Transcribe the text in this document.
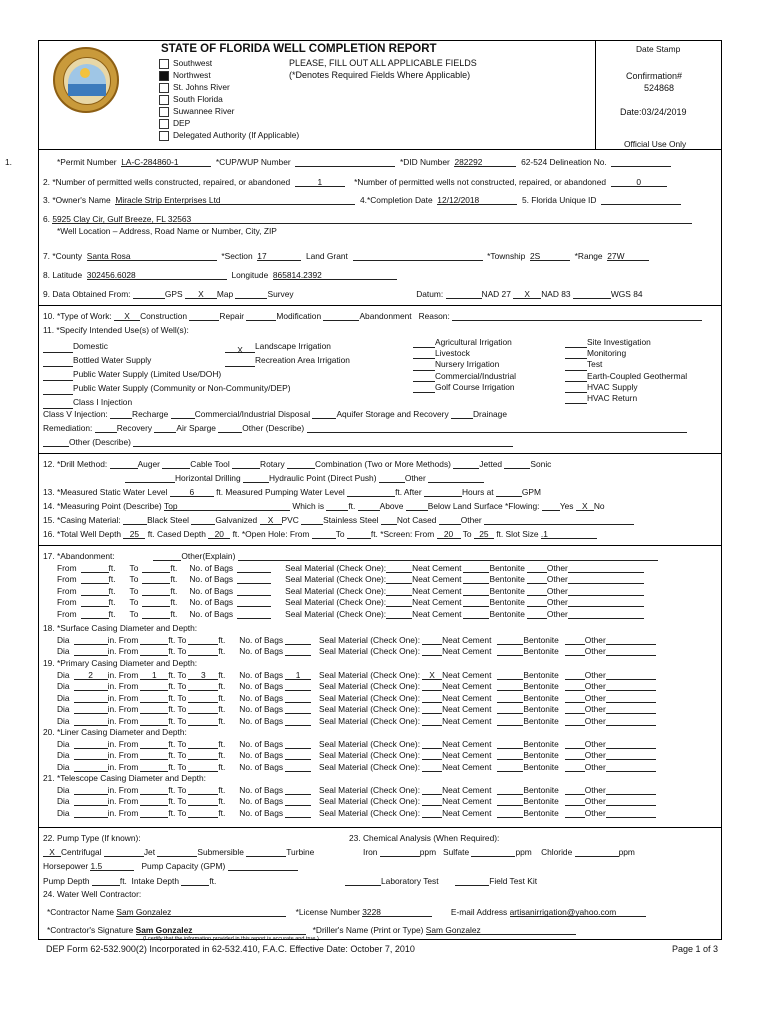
STATE OF FLORIDA WELL COMPLETION REPORT
Southwest
Northwest
St. Johns River
South Florida
Suwannee River
DEP
Delegated Authority (If Applicable)
PLEASE, FILL OUT ALL APPLICABLE FIELDS
(*Denotes Required Fields Where Applicable)
Date Stamp
Confirmation#
524868
Date:03/24/2019
Official Use Only
1.	*Permit Number LA-C-284860-1	*CUP/WUP Number	*DID Number 282292	62-524 Delineation No.
2. *Number of permitted wells constructed, repaired, or abandoned	1	*Number of permitted wells not constructed, repaired, or abandoned	0
3. *Owner's Name Miracle Strip Enterprises Ltd	4.*Completion Date 12/12/2018	5. Florida Unique ID
6. 5925 Clay Cir, Gulf Breeze, FL 32563
*Well Location – Address, Road Name or Number, City, ZIP
7. *County Santa Rosa	*Section 17	Land Grant	*Township 2S	*Range 27W
8. Latitude 302456.6028	Longitude 865814.2392
9. Data Obtained From:	GPS X Map	Survey	Datum:	NAD 27 X NAD 83	WGS 84
10. *Type of Work: X Construction	Repair	Modification	Abandonment Reason:
11. *Specify Intended Use(s) of Well(s):
Domestic
Bottled Water Supply
Public Water Supply (Limited Use/DOH)
Public Water Supply (Community or Non-Community/DEP)
Class I Injection
X Landscape Irrigation
Recreation Area Irrigation
Agricultural Irrigation
Livestock
Nursery Irrigation
Commercial/Industrial
Golf Course Irrigation
Site Investigation
Monitoring
Test
Earth-Coupled Geothermal
HVAC Supply
HVAC Return
Class V Injection:	Recharge	Commercial/Industrial Disposal	Aquifer Storage and Recovery	Drainage
Remediation:	Recovery	Air Sparge	Other (Describe)
Other (Describe)
12. *Drill Method:	Auger	Cable Tool	Rotary	Combination (Two or More Methods)	Jetted	Sonic
Horizontal Drilling	Hydraulic Point (Direct Push)	Other
13. *Measured Static Water Level	6	ft. Measured Pumping Water Level	ft. After	Hours at	GPM
14. *Measuring Point (Describe) Top	Which is	ft.	Above	Below Land Surface *Flowing: Yes X No
15. *Casing Material:	Black Steel	Galvanized X PVC	Stainless Steel Not Cased	Other
16. *Total Well Depth 25 ft. Cased Depth 20 ft. *Open Hole: From	To	ft. *Screen: From 20 To 25 ft. Slot Size .1
17. *Abandonment:	Other(Explain)
From	ft. To	ft. No. of Bags	Seal Material (Check One):	Neat Cement	Bentonite	Other
From	ft. To	ft. No. of Bags	Seal Material (Check One):	Neat Cement	Bentonite	Other
From	ft. To	ft. No. of Bags	Seal Material (Check One):	Neat Cement	Bentonite	Other
From	ft. To	ft. No. of Bags	Seal Material (Check One):	Neat Cement	Bentonite	Other
From	ft. To	ft. No. of Bags	Seal Material (Check One):	Neat Cement	Bentonite	Other
18. *Surface Casing Diameter and Depth:
Dia	in. From	ft. To	ft. No. of Bags	Seal Material (Check One):	Neat Cement	Bentonite	Other
Dia	in. From	ft. To	ft. No. of Bags	Seal Material (Check One):	Neat Cement	Bentonite	Other
19. *Primary Casing Diameter and Depth:
Dia 2 in. From 1 ft. To 3 ft. No. of Bags 1 Seal Material (Check One): X Neat Cement	Bentonite	Other
Dia	in. From	ft. To	ft. No. of Bags	Seal Material (Check One):	Neat Cement	Bentonite	Other
Dia	in. From	ft. To	ft. No. of Bags	Seal Material (Check One):	Neat Cement	Bentonite	Other
Dia	in. From	ft. To	ft. No. of Bags	Seal Material (Check One):	Neat Cement	Bentonite	Other
Dia	in. From	ft. To	ft. No. of Bags	Seal Material (Check One):	Neat Cement	Bentonite	Other
20. *Liner Casing Diameter and Depth:
Dia	in. From	ft. To	ft. No. of Bags	Seal Material (Check One):	Neat Cement	Bentonite	Other
Dia	in. From	ft. To	ft. No. of Bags	Seal Material (Check One):	Neat Cement	Bentonite	Other
Dia	in. From	ft. To	ft. No. of Bags	Seal Material (Check One):	Neat Cement	Bentonite	Other
21. *Telescope Casing Diameter and Depth:
Dia	in. From	ft. To	ft. No. of Bags	Seal Material (Check One):	Neat Cement	Bentonite	Other
Dia	in. From	ft. To	ft. No. of Bags	Seal Material (Check One):	Neat Cement	Bentonite	Other
Dia	in. From	ft. To	ft. No. of Bags	Seal Material (Check One):	Neat Cement	Bentonite	Other
22. Pump Type (If known):	23. Chemical Analysis (When Required):
X Centrifugal	Jet	Submersible	Turbine	Iron	ppm Sulfate	ppm Chloride	ppm
Horsepower 1.5	Pump Capacity (GPM)
Pump Depth	ft. Intake Depth	ft.	Laboratory Test	Field Test Kit
24. Water Well Contractor:
*Contractor Name Sam Gonzalez	*License Number 3228	E-mail Address artisanirrigation@yahoo.com
*Contractor's Signature Sam Gonzalez	*Driller's Name (Print or Type) Sam Gonzalez
(I certify that the information provided in this report is accurate and true.)
DEP Form 62-532.900(2) Incorporated in 62-532.410, F.A.C. Effective Date: October 7, 2010	Page 1 of 3
